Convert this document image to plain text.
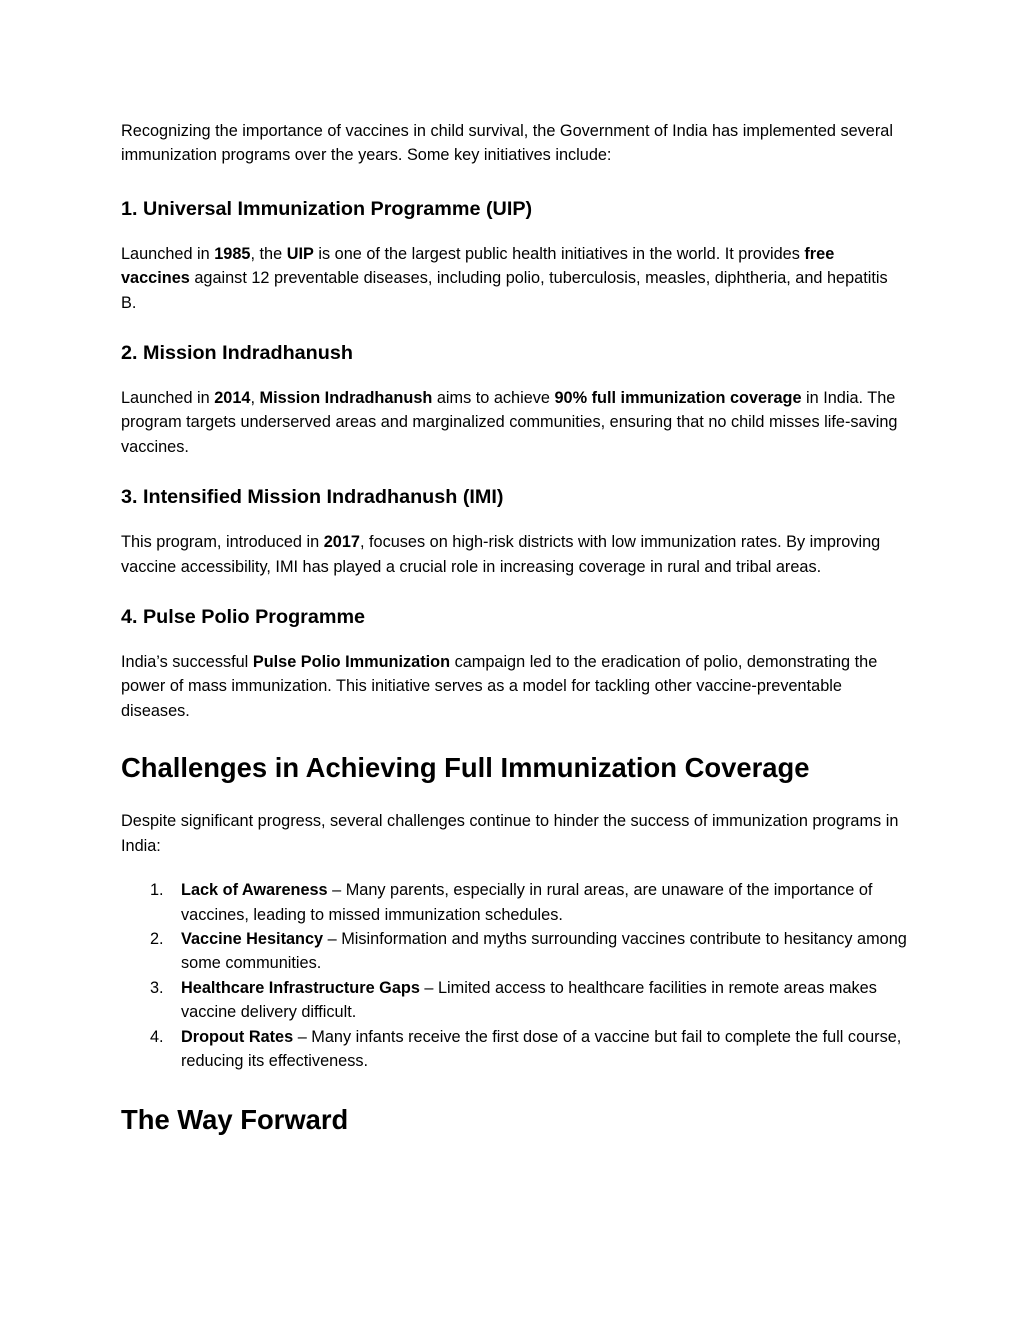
Recognizing the importance of vaccines in child survival, the Government of India has implemented several immunization programs over the years. Some key initiatives include:

1. Universal Immunization Programme (UIP)

Launched in 1985, the UIP is one of the largest public health initiatives in the world. It provides free vaccines against 12 preventable diseases, including polio, tuberculosis, measles, diphtheria, and hepatitis B.

2. Mission Indradhanush

Launched in 2014, Mission Indradhanush aims to achieve 90% full immunization coverage in India. The program targets underserved areas and marginalized communities, ensuring that no child misses life-saving vaccines.

3. Intensified Mission Indradhanush (IMI)

This program, introduced in 2017, focuses on high-risk districts with low immunization rates. By improving vaccine accessibility, IMI has played a crucial role in increasing coverage in rural and tribal areas.

4. Pulse Polio Programme

India’s successful Pulse Polio Immunization campaign led to the eradication of polio, demonstrating the power of mass immunization. This initiative serves as a model for tackling other vaccine-preventable diseases.

Challenges in Achieving Full Immunization Coverage

Despite significant progress, several challenges continue to hinder the success of immunization programs in India:

1. Lack of Awareness – Many parents, especially in rural areas, are unaware of the importance of vaccines, leading to missed immunization schedules.
2. Vaccine Hesitancy – Misinformation and myths surrounding vaccines contribute to hesitancy among some communities.
3. Healthcare Infrastructure Gaps – Limited access to healthcare facilities in remote areas makes vaccine delivery difficult.
4. Dropout Rates – Many infants receive the first dose of a vaccine but fail to complete the full course, reducing its effectiveness.
The Way Forward
